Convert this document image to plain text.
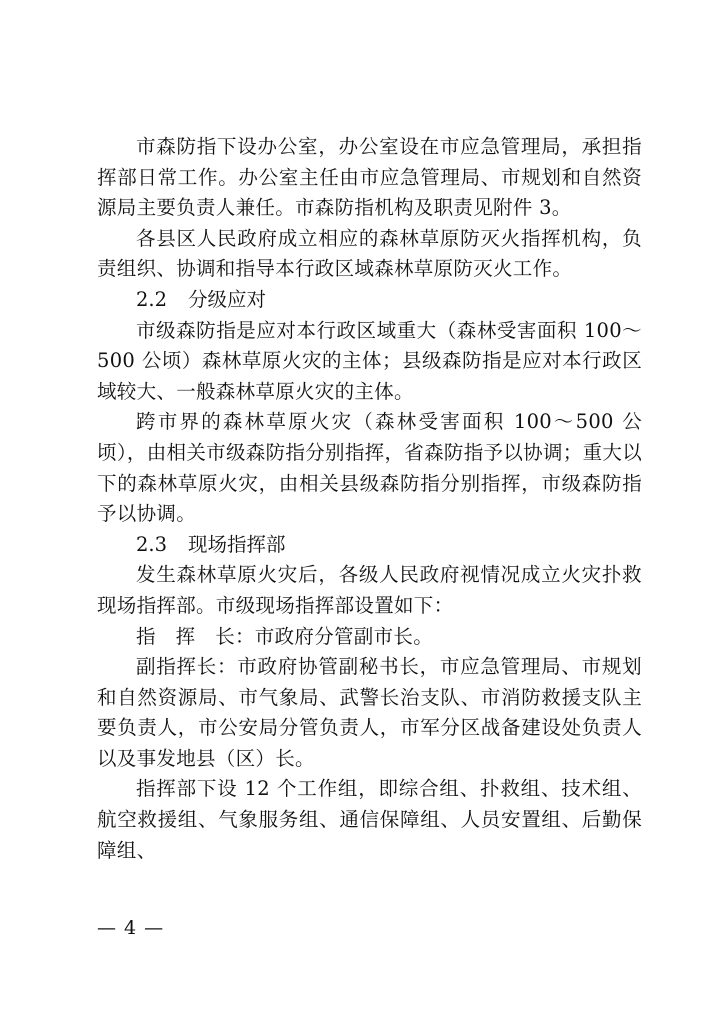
市森防指下设办公室，办公室设在市应急管理局，承担指挥部日常工作。办公室主任由市应急管理局、市规划和自然资源局主要负责人兼任。市森防指机构及职责见附件 3。

各县区人民政府成立相应的森林草原防灭火指挥机构，负责组织、协调和指导本行政区域森林草原防灭火工作。

2.2 分级应对

市级森防指是应对本行政区域重大（森林受害面积 100～500 公顷）森林草原火灾的主体；县级森防指是应对本行政区域较大、一般森林草原火灾的主体。

跨市界的森林草原火灾（森林受害面积 100～500 公顷），由相关市级森防指分别指挥，省森防指予以协调；重大以下的森林草原火灾，由相关县级森防指分别指挥，市级森防指予以协调。

2.3 现场指挥部

发生森林草原火灾后，各级人民政府视情况成立火灾扑救现场指挥部。市级现场指挥部设置如下：

指　挥　长：市政府分管副市长。

副指挥长：市政府协管副秘书长，市应急管理局、市规划和自然资源局、市气象局、武警长治支队、市消防救援支队主要负责人，市公安局分管负责人，市军分区战备建设处负责人以及事发地县（区）长。

指挥部下设 12 个工作组，即综合组、扑救组、技术组、航空救援组、气象服务组、通信保障组、人员安置组、后勤保障组、

— 4 —
